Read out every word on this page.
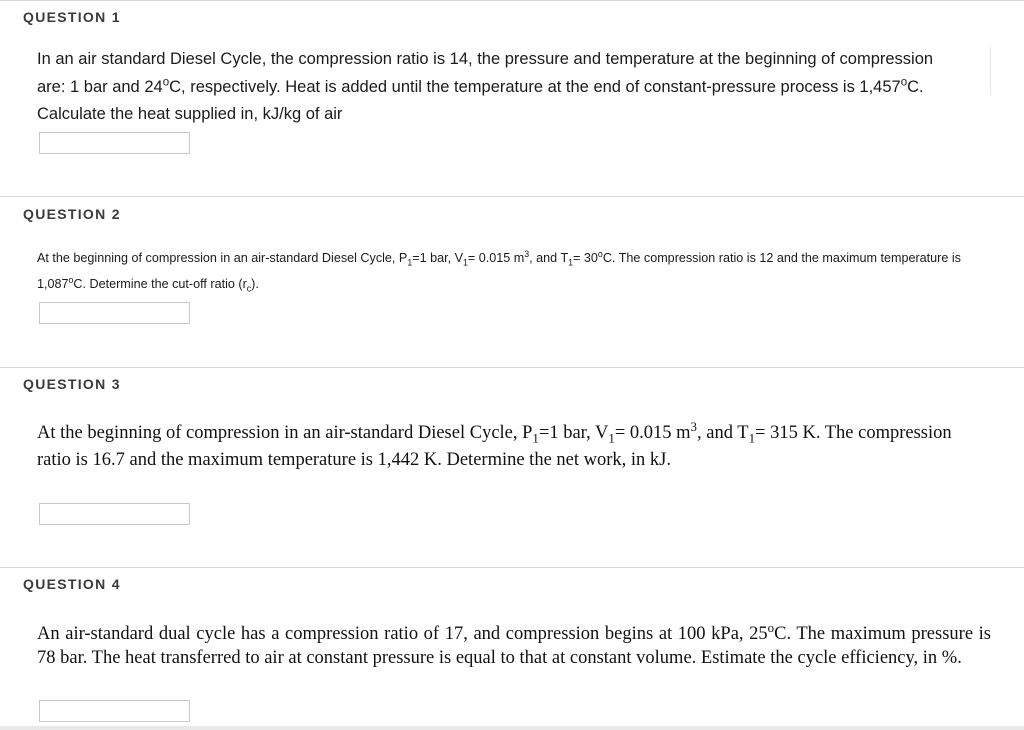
QUESTION 1
In an air standard Diesel Cycle, the compression ratio is 14, the pressure and temperature at the beginning of compression are: 1 bar and 24$^o$C, respectively. Heat is added until the temperature at the end of constant-pressure process is 1,457$^o$C. Calculate the heat supplied in, kJ/kg of air
QUESTION 2
At the beginning of compression in an air-standard Diesel Cycle, $P_1=1$ bar, $V_1= 0.015$ $m^3$, and $T_1= 30^oC$. The compression ratio is 12 and the maximum temperature is 1,087$^o$C. Determine the cut-off ratio $(r_c)$.
QUESTION 3
At the beginning of compression in an air-standard Diesel Cycle, $P_1=1$ bar, $V_1= 0.015$ $m^3$, and $T_1= 315$ K. The compression ratio is 16.7 and the maximum temperature is 1,442 K. Determine the net work, in kJ.
QUESTION 4
An air-standard dual cycle has a compression ratio of 17, and compression begins at 100 kPa, 25$^o$C. The maximum pressure is 78 bar. The heat transferred to air at constant pressure is equal to that at constant volume. Estimate the cycle efficiency, in %.
